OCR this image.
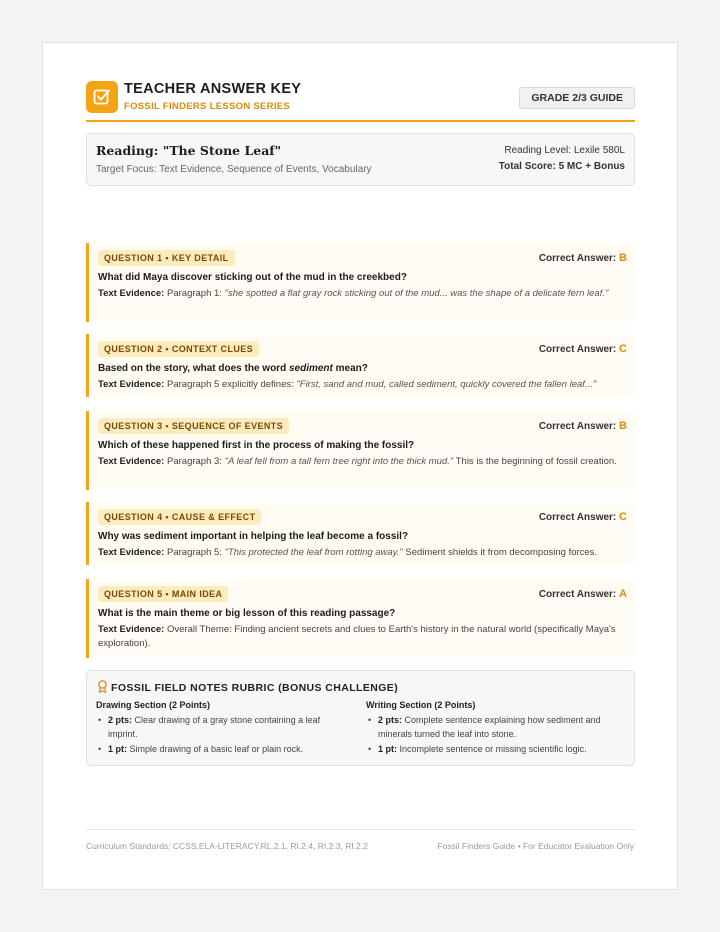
TEACHER ANSWER KEY
FOSSIL FINDERS LESSON SERIES
GRADE 2/3 GUIDE
Reading: "The Stone Leaf"
Target Focus: Text Evidence, Sequence of Events, Vocabulary
Reading Level: Lexile 580L
Total Score: 5 MC + Bonus
QUESTION 1 • KEY DETAIL	Correct Answer: B
What did Maya discover sticking out of the mud in the creekbed?
Text Evidence: Paragraph 1: "she spotted a flat gray rock sticking out of the mud... was the shape of a delicate fern leaf."
QUESTION 2 • CONTEXT CLUES	Correct Answer: C
Based on the story, what does the word sediment mean?
Text Evidence: Paragraph 5 explicitly defines: "First, sand and mud, called sediment, quickly covered the fallen leaf..."
QUESTION 3 • SEQUENCE OF EVENTS	Correct Answer: B
Which of these happened first in the process of making the fossil?
Text Evidence: Paragraph 3: "A leaf fell from a tall fern tree right into the thick mud." This is the beginning of fossil creation.
QUESTION 4 • CAUSE & EFFECT	Correct Answer: C
Why was sediment important in helping the leaf become a fossil?
Text Evidence: Paragraph 5: "This protected the leaf from rotting away." Sediment shields it from decomposing forces.
QUESTION 5 • MAIN IDEA	Correct Answer: A
What is the main theme or big lesson of this reading passage?
Text Evidence: Overall Theme: Finding ancient secrets and clues to Earth's history in the natural world (specifically Maya's exploration).
FOSSIL FIELD NOTES RUBRIC (BONUS CHALLENGE)
Drawing Section (2 Points)
• 2 pts: Clear drawing of a gray stone containing a leaf imprint.
• 1 pt: Simple drawing of a basic leaf or plain rock.
Writing Section (2 Points)
• 2 pts: Complete sentence explaining how sediment and minerals turned the leaf into stone.
• 1 pt: Incomplete sentence or missing scientific logic.
Curriculum Standards: CCSS.ELA-LITERACY.RL.2.1, RI.2.4, RI.2.3, RI.2.2	Fossil Finders Guide • For Educator Evaluation Only
